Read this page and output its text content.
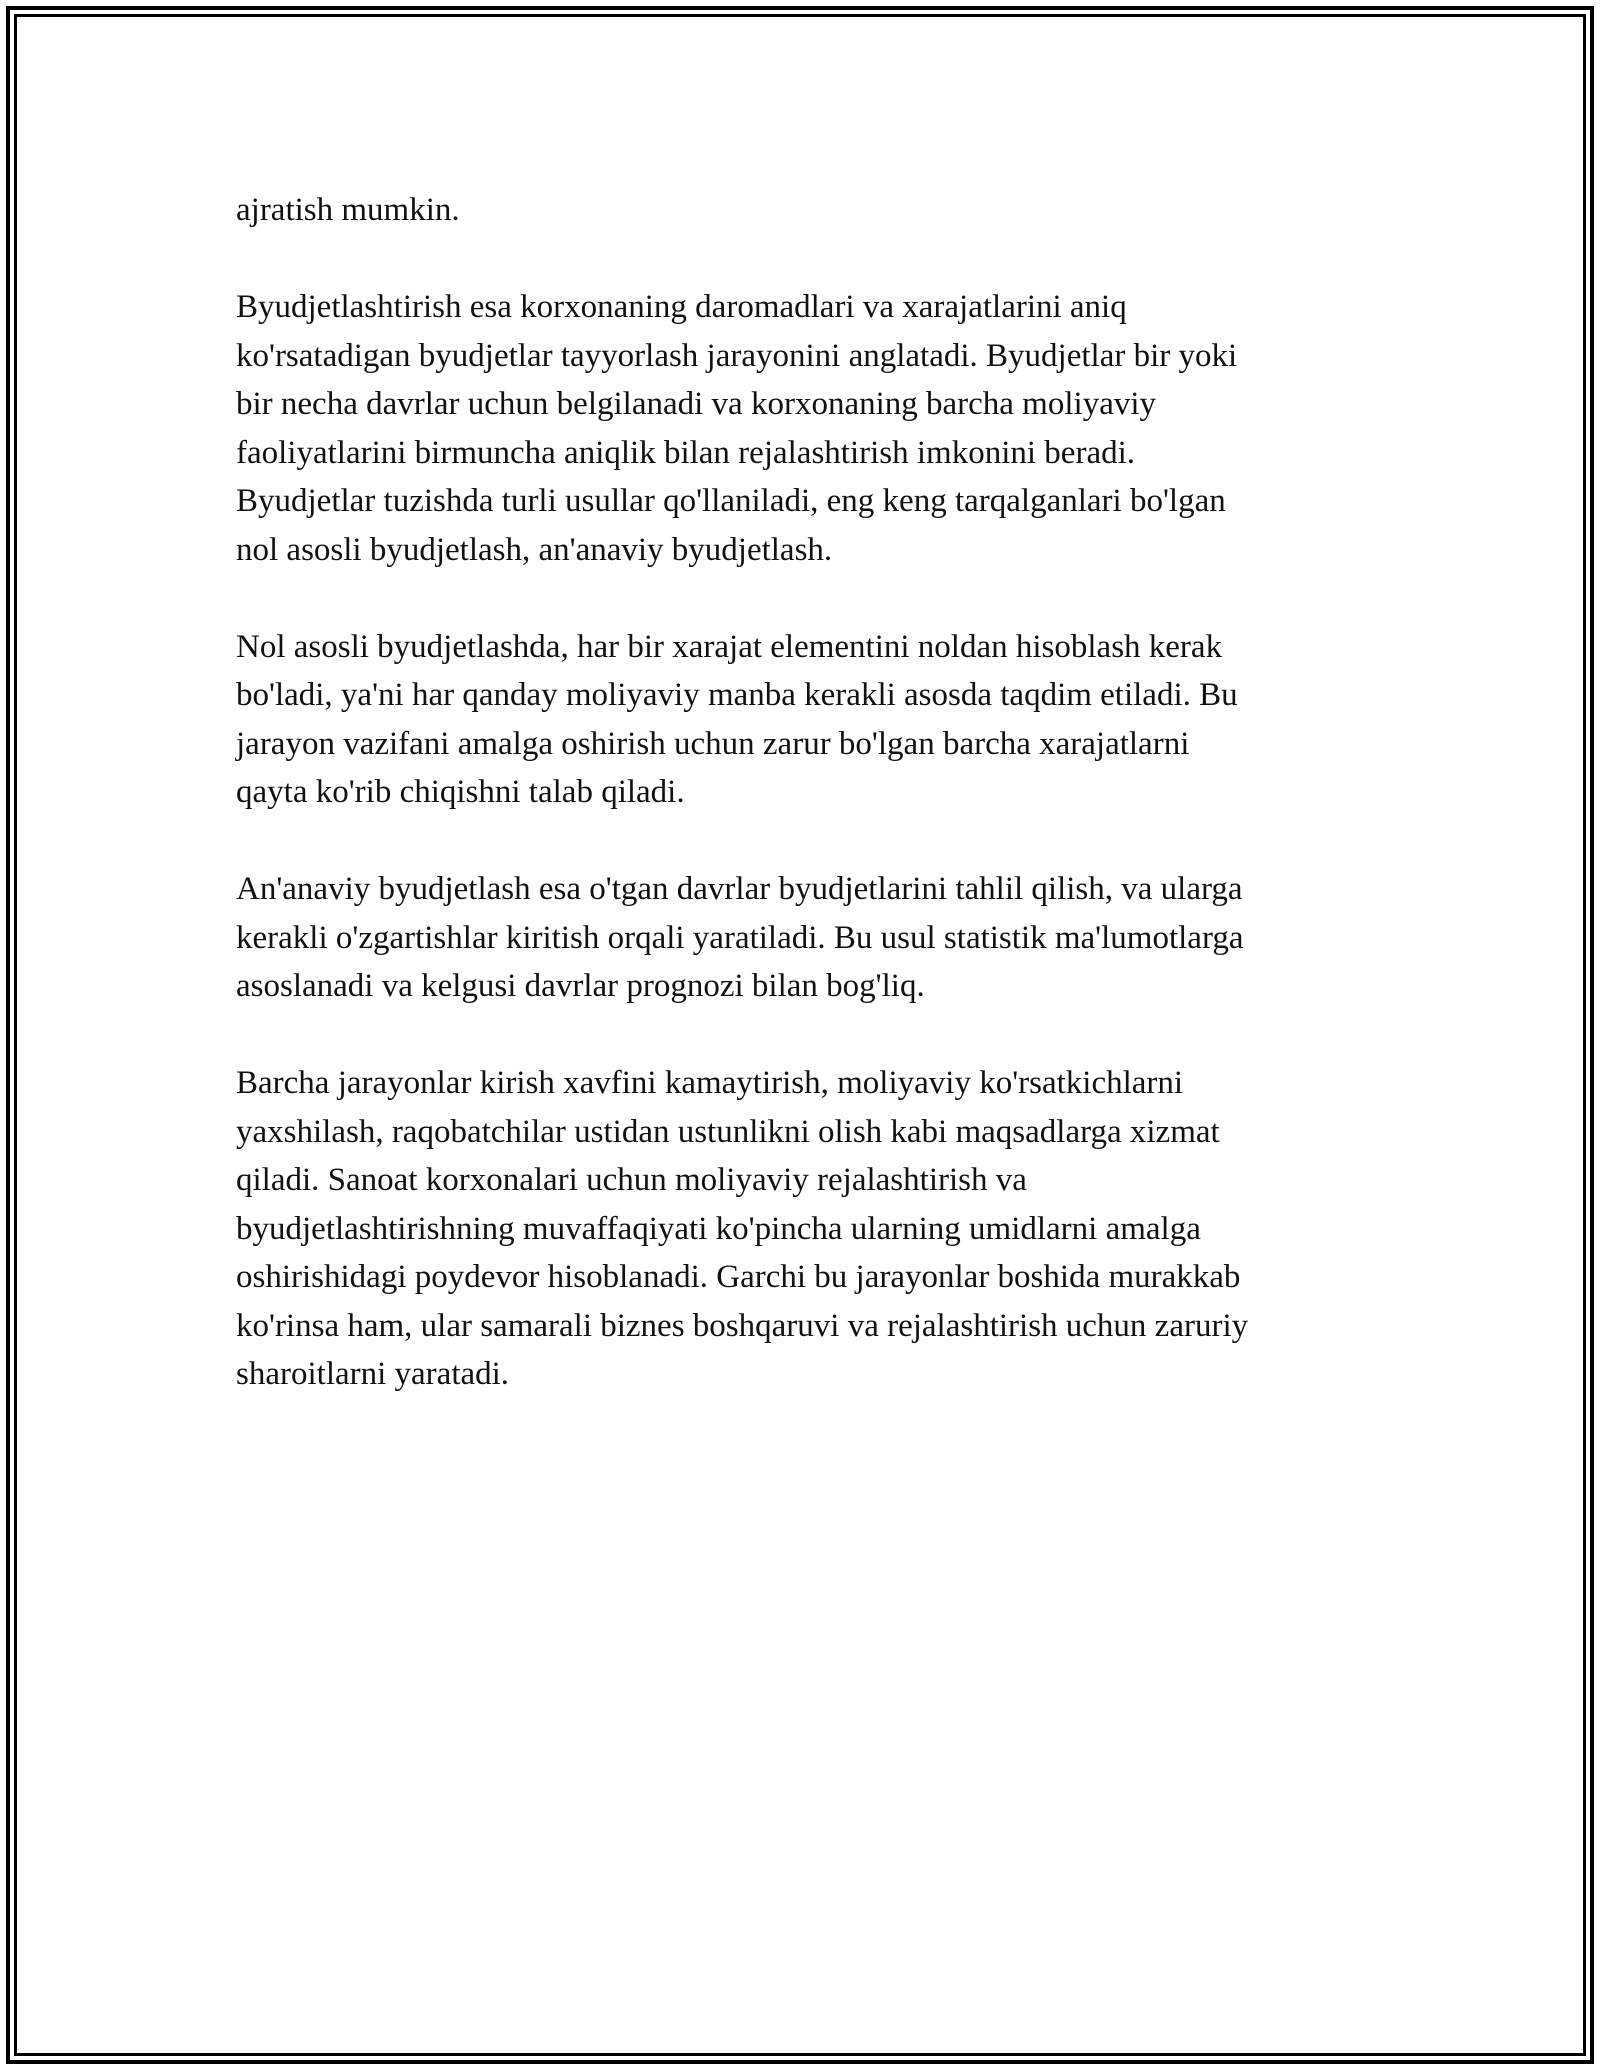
ajratish mumkin.

Byudjetlashtirish esa korxonaning daromadlari va xarajatlarini aniq
ko'rsatadigan byudjetlar tayyorlash jarayonini anglatadi. Byudjetlar bir yoki
bir necha davrlar uchun belgilanadi va korxonaning barcha moliyaviy
faoliyatlarini birmuncha aniqlik bilan rejalashtirish imkonini beradi.
Byudjetlar tuzishda turli usullar qo'llaniladi, eng keng tarqalganlari bo'lgan
nol asosli byudjetlash, an'anaviy byudjetlash.

Nol asosli byudjetlashda, har bir xarajat elementini noldan hisoblash kerak
bo'ladi, ya'ni har qanday moliyaviy manba kerakli asosda taqdim etiladi. Bu
jarayon vazifani amalga oshirish uchun zarur bo'lgan barcha xarajatlarni
qayta ko'rib chiqishni talab qiladi.

An'anaviy byudjetlash esa o'tgan davrlar byudjetlarini tahlil qilish, va ularga
kerakli o'zgartishlar kiritish orqali yaratiladi. Bu usul statistik ma'lumotlarga
asoslanadi va kelgusi davrlar prognozi bilan bog'liq.

Barcha jarayonlar kirish xavfini kamaytirish, moliyaviy ko'rsatkichlarni
yaxshilash, raqobatchilar ustidan ustunlikni olish kabi maqsadlarga xizmat
qiladi. Sanoat korxonalari uchun moliyaviy rejalashtirish va
byudjetlashtirishning muvaffaqiyati ko'pincha ularning umidlarni amalga
oshirishidagi poydevor hisoblanadi. Garchi bu jarayonlar boshida murakkab
ko'rinsa ham, ular samarali biznes boshqaruvi va rejalashtirish uchun zaruriy
sharoitlarni yaratadi.
